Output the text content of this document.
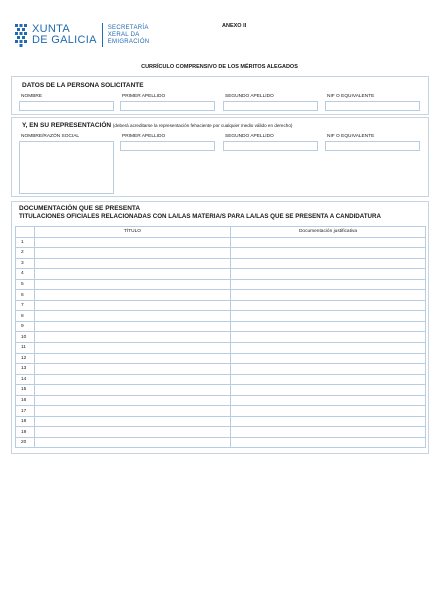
XUNTA
DE GALICIA
SECRETARÍA
XERAL DA
EMIGRACIÓN
ANEXO II
CURRÍCULO COMPRENSIVO DE LOS MÉRITOS ALEGADOS
DATOS DE LA PERSONA SOLICITANTE
NOMBRE	PRIMER APELLIDO	SEGUNDO APELLIDO	NIF O EQUIVALENTE
Y, EN SU REPRESENTACIÓN (deberá acreditarse la representación fehaciente por cualquier medio válido en derecho)
NOMBRE/RAZÓN SOCIAL	PRIMER APELLIDO	SEGUNDO APELLIDO	NIF O EQUIVALENTE
DOCUMENTACIÓN QUE SE PRESENTA
TITULACIONES OFICIALES RELACIONADAS CON LA/LAS MATERIA/S PARA LA/LAS QUE SE PRESENTA A CANDIDATURA
	TÍTULO	Documentación justificativa
1		
2		
3		
4		
5		
6		
7		
8		
9		
10		
11		
12		
13		
14		
15		
16		
17		
18		
19		
20		
